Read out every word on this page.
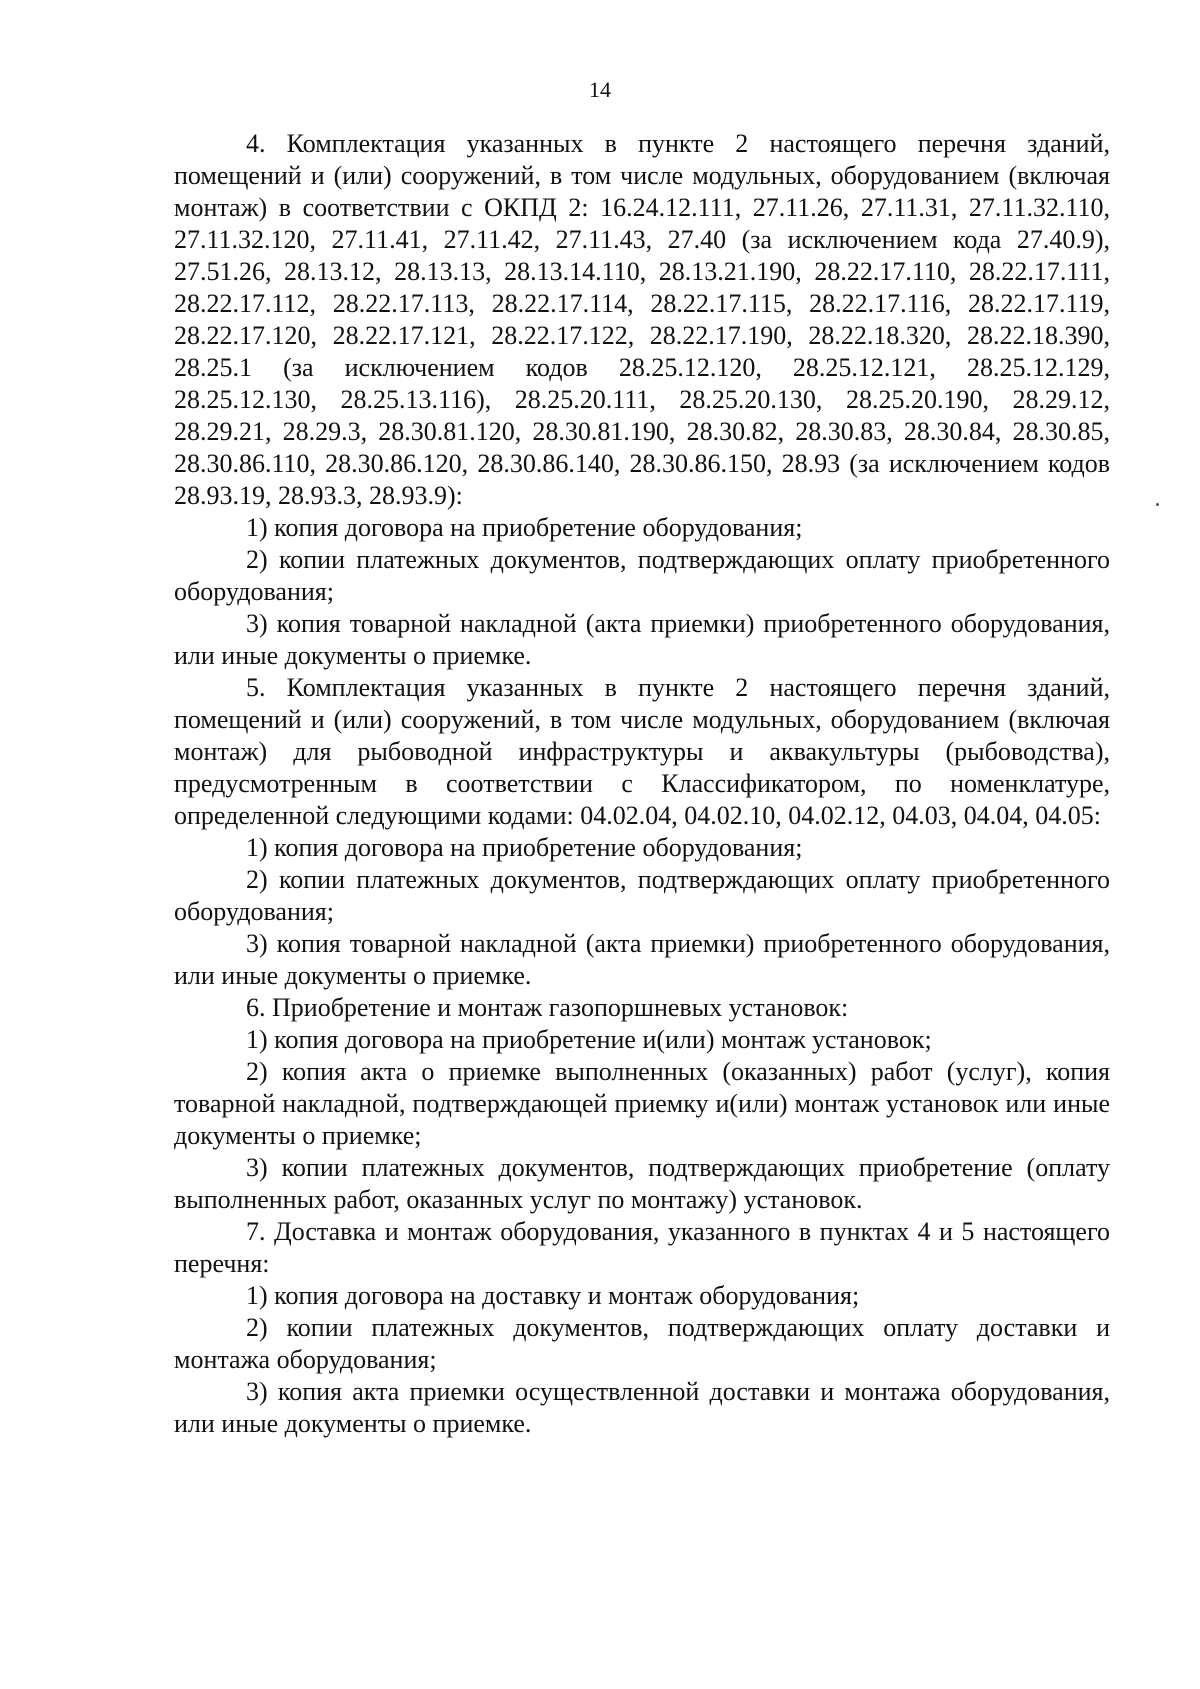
14

4. Комплектация указанных в пункте 2 настоящего перечня зданий, помещений и (или) сооружений, в том числе модульных, оборудованием (включая монтаж) в соответствии с ОКПД 2: 16.24.12.111, 27.11.26, 27.11.31, 27.11.32.110, 27.11.32.120, 27.11.41, 27.11.42, 27.11.43, 27.40 (за исключением кода 27.40.9), 27.51.26, 28.13.12, 28.13.13, 28.13.14.110, 28.13.21.190, 28.22.17.110, 28.22.17.111, 28.22.17.112, 28.22.17.113, 28.22.17.114, 28.22.17.115, 28.22.17.116, 28.22.17.119, 28.22.17.120, 28.22.17.121, 28.22.17.122, 28.22.17.190, 28.22.18.320, 28.22.18.390, 28.25.1 (за исключением кодов 28.25.12.120, 28.25.12.121, 28.25.12.129, 28.25.12.130, 28.25.13.116), 28.25.20.111, 28.25.20.130, 28.25.20.190, 28.29.12, 28.29.21, 28.29.3, 28.30.81.120, 28.30.81.190, 28.30.82, 28.30.83, 28.30.84, 28.30.85, 28.30.86.110, 28.30.86.120, 28.30.86.140, 28.30.86.150, 28.93 (за исключением кодов 28.93.19, 28.93.3, 28.93.9):

1) копия договора на приобретение оборудования;

2) копии платежных документов, подтверждающих оплату приобретенного оборудования;

3) копия товарной накладной (акта приемки) приобретенного оборудования, или иные документы о приемке.

5. Комплектация указанных в пункте 2 настоящего перечня зданий, помещений и (или) сооружений, в том числе модульных, оборудованием (включая монтаж) для рыбоводной инфраструктуры и аквакультуры (рыбоводства), предусмотренным в соответствии с Классификатором, по номенклатуре, определенной следующими кодами: 04.02.04, 04.02.10, 04.02.12, 04.03, 04.04, 04.05:

1) копия договора на приобретение оборудования;

2) копии платежных документов, подтверждающих оплату приобретенного оборудования;

3) копия товарной накладной (акта приемки) приобретенного оборудования, или иные документы о приемке.

6. Приобретение и монтаж газопоршневых установок:

1) копия договора на приобретение и(или) монтаж установок;

2) копия акта о приемке выполненных (оказанных) работ (услуг), копия товарной накладной, подтверждающей приемку и(или) монтаж установок или иные документы о приемке;

3) копии платежных документов, подтверждающих приобретение (оплату выполненных работ, оказанных услуг по монтажу) установок.

7. Доставка и монтаж оборудования, указанного в пунктах 4 и 5 настоящего перечня:

1) копия договора на доставку и монтаж оборудования;

2) копии платежных документов, подтверждающих оплату доставки и монтажа оборудования;

3) копия акта приемки осуществленной доставки и монтажа оборудования, или иные документы о приемке.
